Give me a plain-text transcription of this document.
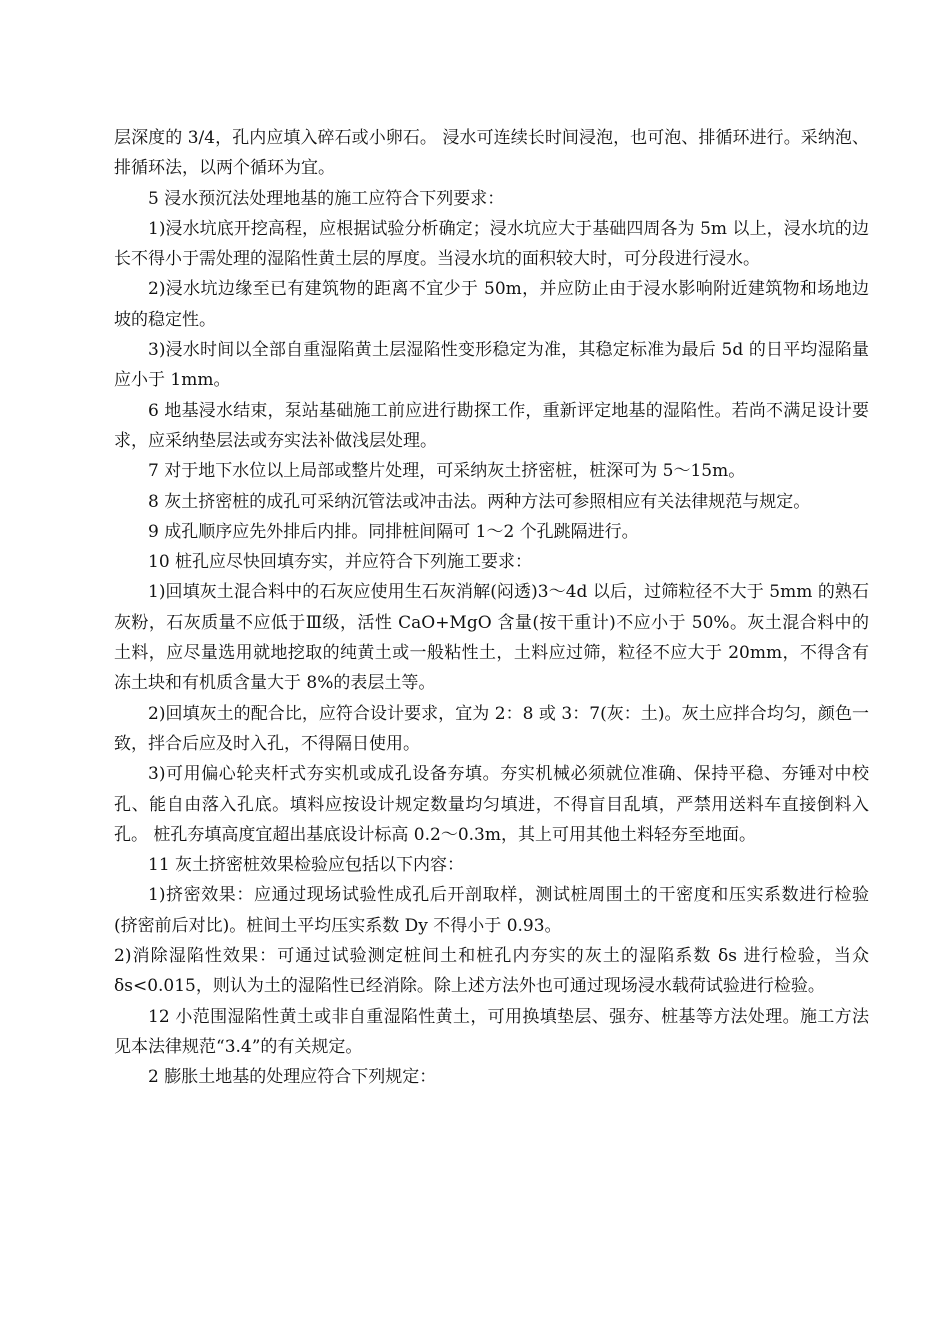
层深度的 3/4，孔内应填入碎石或小卵石。 浸水可连续长时间浸泡，也可泡、排循环进行。采纳泡、排循环法，以两个循环为宜。

5 浸水预沉法处理地基的施工应符合下列要求：

1)浸水坑底开挖高程，应根据试验分析确定；浸水坑应大于基础四周各为 5m 以上，浸水坑的边长不得小于需处理的湿陷性黄土层的厚度。当浸水坑的面积较大时，可分段进行浸水。

2)浸水坑边缘至已有建筑物的距离不宜少于 50m，并应防止由于浸水影响附近建筑物和场地边坡的稳定性。

3)浸水时间以全部自重湿陷黄土层湿陷性变形稳定为准，其稳定标准为最后 5d 的日平均湿陷量应小于 1mm。

6 地基浸水结束，泵站基础施工前应进行勘探工作，重新评定地基的湿陷性。若尚不满足设计要求，应采纳垫层法或夯实法补做浅层处理。

7 对于地下水位以上局部或整片处理，可采纳灰土挤密桩，桩深可为 5～15m。

8 灰土挤密桩的成孔可采纳沉管法或冲击法。两种方法可参照相应有关法律规范与规定。

9 成孔顺序应先外排后内排。同排桩间隔可 1～2 个孔跳隔进行。

10 桩孔应尽快回填夯实，并应符合下列施工要求：

1)回填灰土混合料中的石灰应使用生石灰消解(闷透)3～4d 以后，过筛粒径不大于 5mm 的熟石灰粉，石灰质量不应低于Ⅲ级，活性 CaO+MgO 含量(按干重计)不应小于 50%。灰土混合料中的土料，应尽量选用就地挖取的纯黄土或一般粘性土，土料应过筛，粒径不应大于 20mm，不得含有冻土块和有机质含量大于 8%的表层土等。

2)回填灰土的配合比，应符合设计要求，宜为 2：8 或 3：7(灰：土)。灰土应拌合均匀，颜色一致，拌合后应及时入孔，不得隔日使用。

3)可用偏心轮夹杆式夯实机或成孔设备夯填。夯实机械必须就位准确、保持平稳、夯锤对中校孔、能自由落入孔底。填料应按设计规定数量均匀填进，不得盲目乱填，严禁用送料车直接倒料入孔。 桩孔夯填高度宜超出基底设计标高 0.2～0.3m，其上可用其他土料轻夯至地面。

11 灰土挤密桩效果检验应包括以下内容：

1)挤密效果：应通过现场试验性成孔后开剖取样，测试桩周围土的干密度和压实系数进行检验(挤密前后对比)。桩间土平均压实系数 Dy 不得小于 0.93。

2)消除湿陷性效果：可通过试验测定桩间土和桩孔内夯实的灰土的湿陷系数 δs 进行检验，当众 δs<0.015，则认为土的湿陷性已经消除。除上述方法外也可通过现场浸水载荷试验进行检验。

12 小范围湿陷性黄土或非自重湿陷性黄土，可用换填垫层、强夯、桩基等方法处理。施工方法见本法律规范“3.4”的有关规定。

2 膨胀土地基的处理应符合下列规定：
